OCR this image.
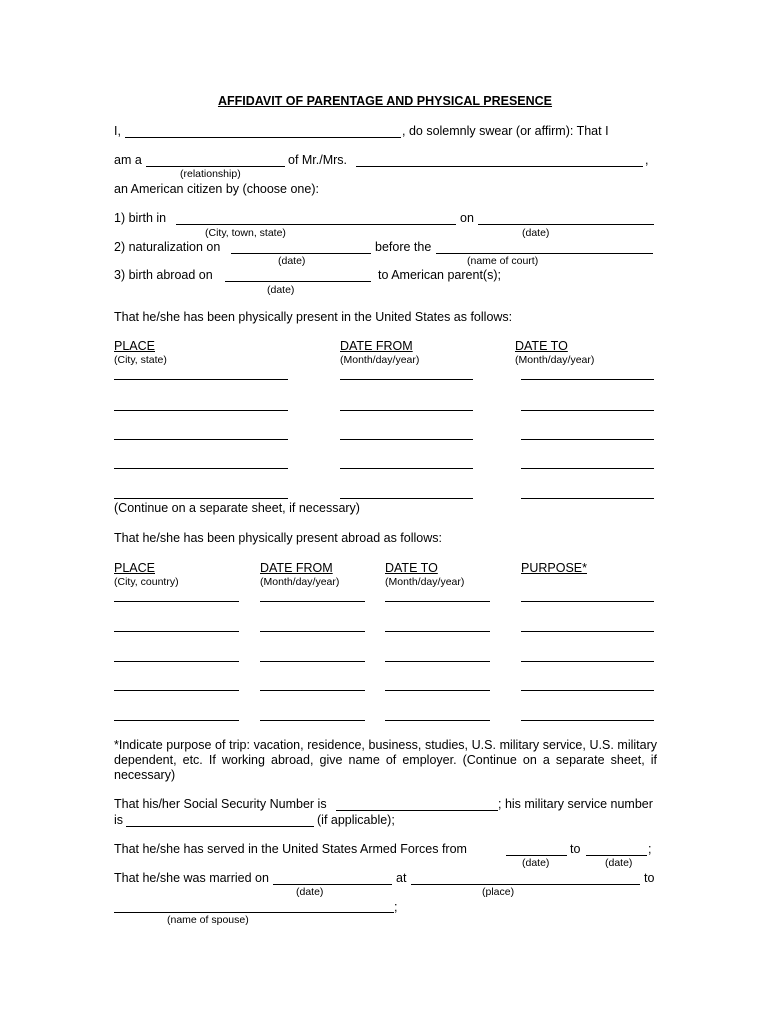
AFFIDAVIT OF PARENTAGE AND PHYSICAL PRESENCE
I,	, do solemnly swear (or affirm): That I
am a	of Mr./Mrs.	,
(relationship)
an American citizen by (choose one):
1) birth in	on
(City, town, state)	(date)
2) naturalization on	before the
(date)	(name of court)
3) birth abroad on	to American parent(s);
(date)
That he/she has been physically present in the United States as follows:
PLACE	DATE FROM	DATE TO
(City, state)	(Month/day/year)	(Month/day/year)
(Continue on a separate sheet, if necessary)
That he/she has been physically present abroad as follows:
PLACE	DATE FROM	DATE TO	PURPOSE*
(City, country)	(Month/day/year)	(Month/day/year)
*Indicate purpose of trip: vacation, residence, business, studies, U.S. military service, U.S. military dependent, etc. If working abroad, give name of employer. (Continue on a separate sheet, if necessary)
That his/her Social Security Number is	; his military service number
is	(if applicable);
That he/she has served in the United States Armed Forces from	to	;
(date)	(date)
That he/she was married on	at	to
(date)	(place)
;
(name of spouse)
